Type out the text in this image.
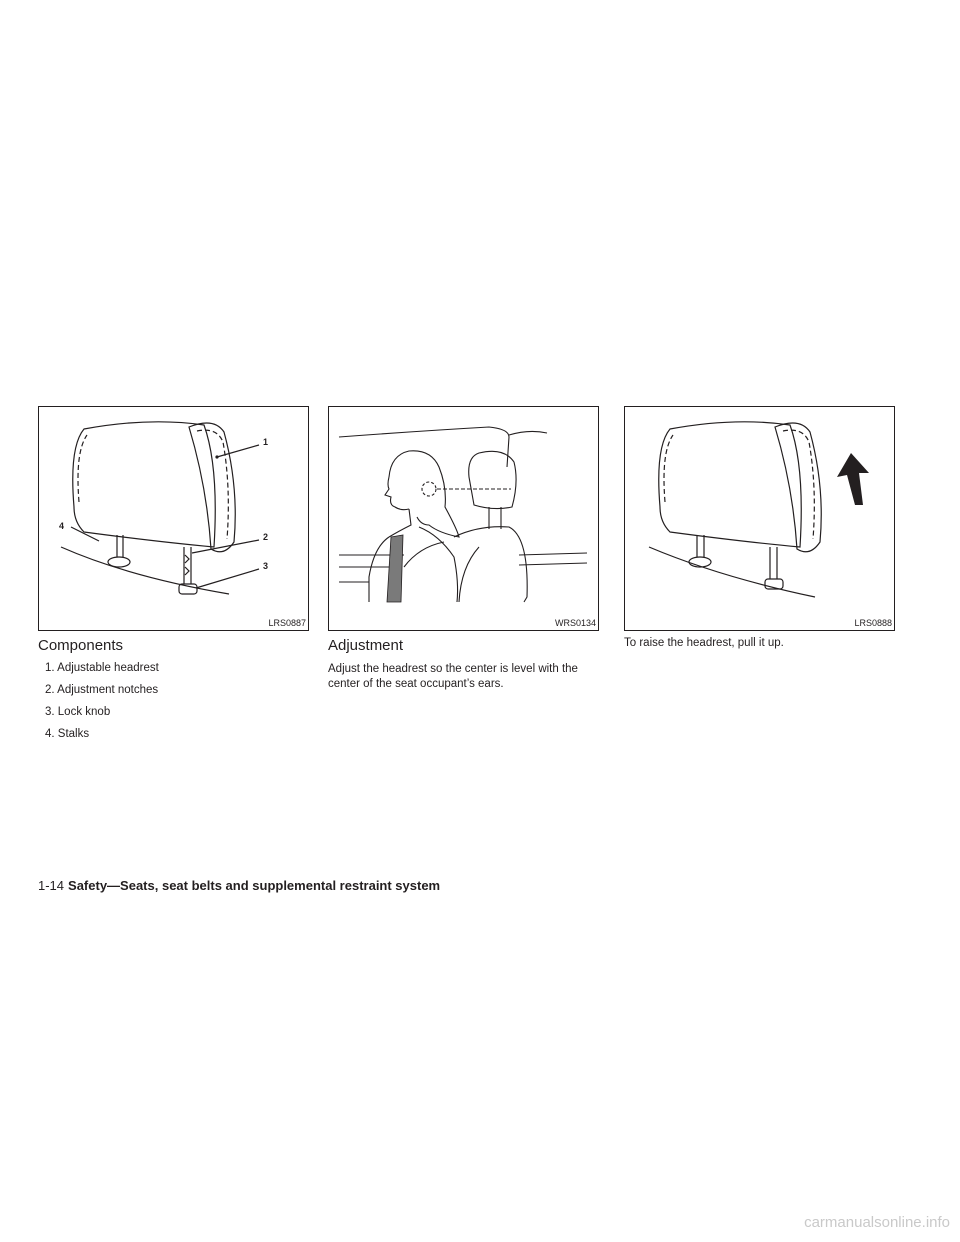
1
2
3
4
LRS0887	WRS0134	LRS0888
Components
1. Adjustable headrest
2. Adjustment notches
3. Lock knob
4. Stalks
Adjustment

Adjust the headrest so the center is level with the center of the seat occupant’s ears.

To raise the headrest, pull it up.

1-14 Safety—Seats, seat belts and supplemental restraint system
carmanualsonline.info
